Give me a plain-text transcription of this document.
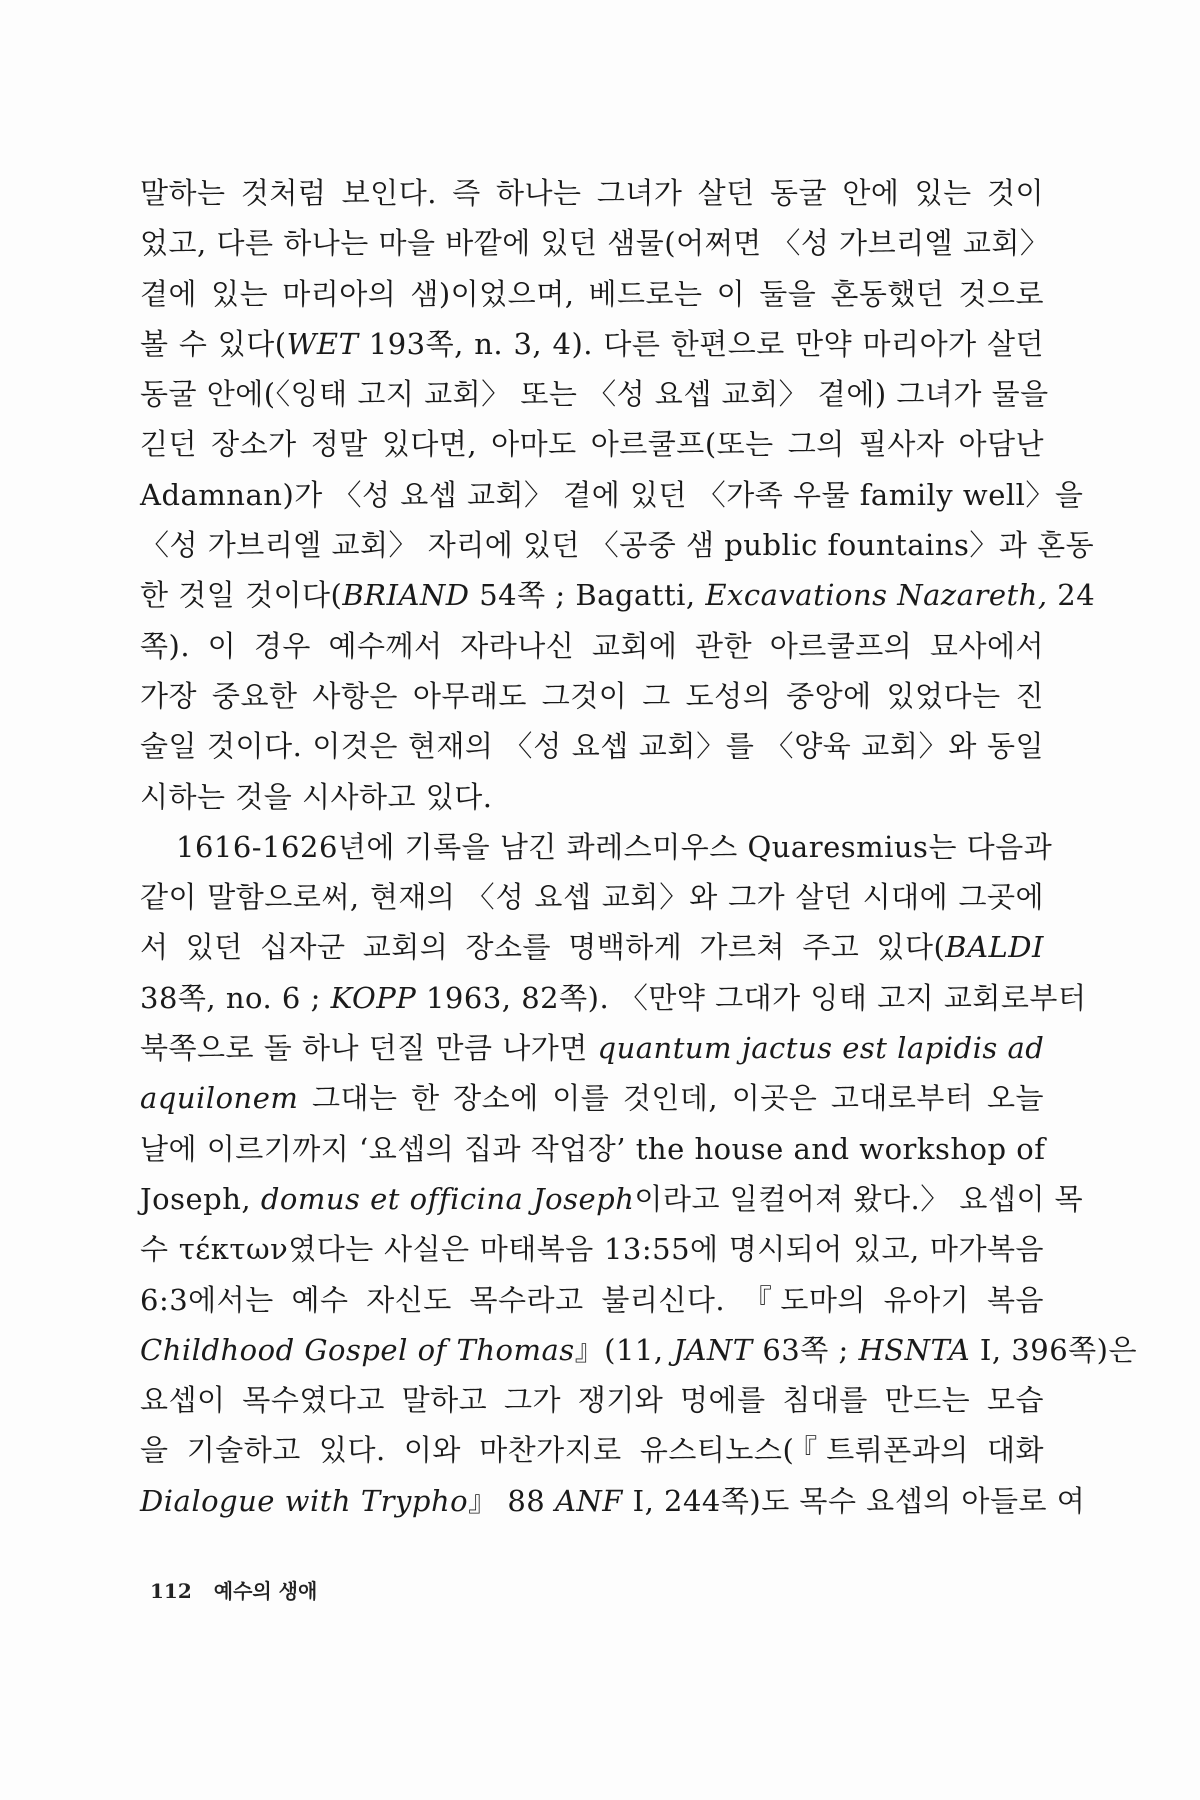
말하는 것처럼 보인다. 즉 하나는 그녀가 살던 동굴 안에 있는 것이
었고, 다른 하나는 마을 바깥에 있던 샘물(어쩌면 〈성 가브리엘 교회〉
곁에 있는 마리아의 샘)이었으며, 베드로는 이 둘을 혼동했던 것으로
볼 수 있다(WET 193쪽, n. 3, 4). 다른 한편으로 만약 마리아가 살던
동굴 안에(〈잉태 고지 교회〉 또는 〈성 요셉 교회〉 곁에) 그녀가 물을
긷던 장소가 정말 있다면, 아마도 아르쿨프(또는 그의 필사자 아담난
Adamnan)가 〈성 요셉 교회〉 곁에 있던 〈가족 우물 family well〉을
〈성 가브리엘 교회〉 자리에 있던 〈공중 샘 public fountains〉과 혼동
한 것일 것이다(BRIAND 54쪽 ; Bagatti, Excavations Nazareth, 24
쪽). 이 경우 예수께서 자라나신 교회에 관한 아르쿨프의 묘사에서
가장 중요한 사항은 아무래도 그것이 그 도성의 중앙에 있었다는 진
술일 것이다. 이것은 현재의 〈성 요셉 교회〉를 〈양육 교회〉와 동일
시하는 것을 시사하고 있다.
1616-1626년에 기록을 남긴 콰레스미우스 Quaresmius는 다음과
같이 말함으로써, 현재의 〈성 요셉 교회〉와 그가 살던 시대에 그곳에
서 있던 십자군 교회의 장소를 명백하게 가르쳐 주고 있다(BALDI
38쪽, no. 6 ; KOPP 1963, 82쪽). 〈만약 그대가 잉태 고지 교회로부터
북쪽으로 돌 하나 던질 만큼 나가면 quantum jactus est lapidis ad
aquilonem 그대는 한 장소에 이를 것인데, 이곳은 고대로부터 오늘
날에 이르기까지 ‘요셉의 집과 작업장’ the house and workshop of
Joseph, domus et officina Joseph이라고 일컬어져 왔다.〉 요셉이 목
수 τέκτων였다는 사실은 마태복음 13:55에 명시되어 있고, 마가복음
6:3에서는 예수 자신도 목수라고 불리신다. 『도마의 유아기 복음
Childhood Gospel of Thomas』(11, JANT 63쪽 ; HSNTA I, 396쪽)은
요셉이 목수였다고 말하고 그가 쟁기와 멍에를 침대를 만드는 모습
을 기술하고 있다. 이와 마찬가지로 유스티노스(『트뤼폰과의 대화
Dialogue with Trypho』 88 ANF I, 244쪽)도 목수 요셉의 아들로 여
112 예수의 생애
